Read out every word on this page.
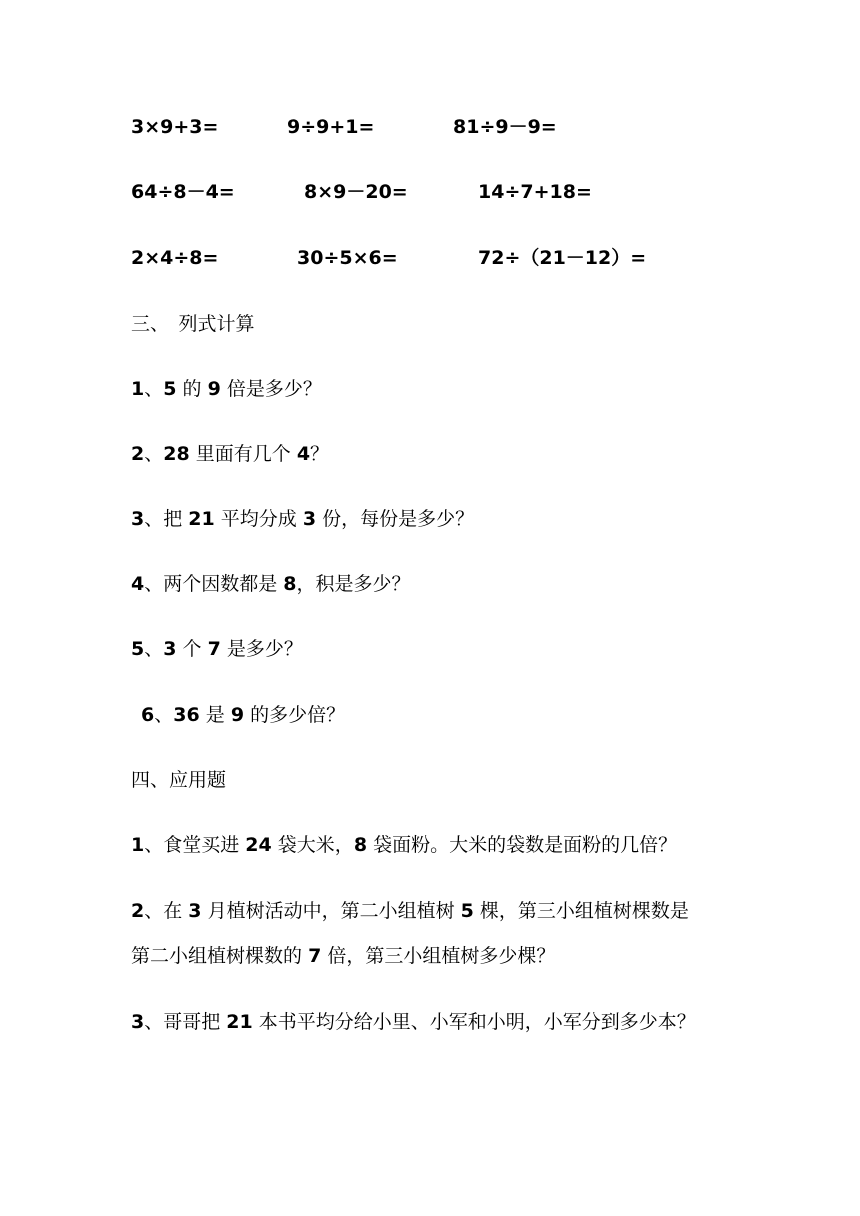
3×9+3=	9÷9+1=	81÷9－9=
64÷8－4=	8×9－20=	14÷7+18=
2×4÷8=	30÷5×6=	72÷（21－12）=
三、　列式计算
1、5 的 9 倍是多少？
2、28 里面有几个 4？
3、把 21 平均分成 3 份，每份是多少？
4、两个因数都是 8，积是多少？
5、3 个 7 是多少？
6、36 是 9 的多少倍？
四、应用题
1、食堂买进 24 袋大米，8 袋面粉。大米的袋数是面粉的几倍？
2、在 3 月植树活动中，第二小组植树 5 棵，第三小组植树棵数是
第二小组植树棵数的 7 倍，第三小组植树多少棵？
3、哥哥把 21 本书平均分给小里、小军和小明，小军分到多少本？
